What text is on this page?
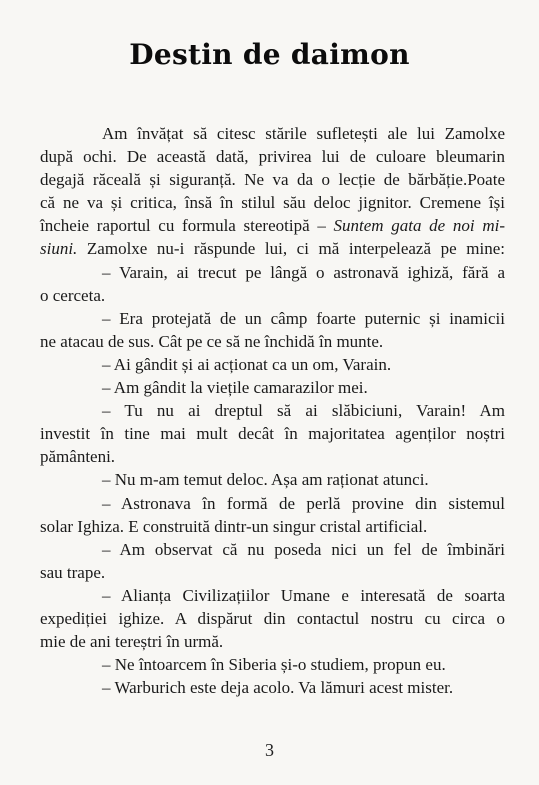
Destin de daimon
Am învățat să citesc stările sufletești ale lui Zamolxe
după ochi. De această dată, privirea lui de culoare bleumarin
degajă răceală și siguranță. Ne va da o lecție de bărbăție.Poate
că ne va și critica, însă în stilul său deloc jignitor. Cremene își
încheie raportul cu formula stereotipă – Suntem gata de noi mi-
siuni. Zamolxe nu-i răspunde lui, ci mă interpelează pe mine:
– Varain, ai trecut pe lângă o astronavă ighiză, fără a
o cerceta.
– Era protejată de un câmp foarte puternic și inamicii
ne atacau de sus. Cât pe ce să ne închidă în munte.
– Ai gândit și ai acționat ca un om, Varain.
– Am gândit la viețile camarazilor mei.
– Tu nu ai dreptul să ai slăbiciuni, Varain! Am
investit în tine mai mult decât în majoritatea agenților noștri
pământeni.
– Nu m-am temut deloc. Așa am raționat atunci.
– Astronava în formă de perlă provine din sistemul
solar Ighiza. E construită dintr-un singur cristal artificial.
– Am observat că nu poseda nici un fel de îmbinări
sau trape.
– Alianța Civilizațiilor Umane e interesată de soarta
expediției ighize. A dispărut din contactul nostru cu circa o
mie de ani tereștri în urmă.
– Ne întoarcem în Siberia și-o studiem, propun eu.
– Warburich este deja acolo. Va lămuri acest mister.
3
